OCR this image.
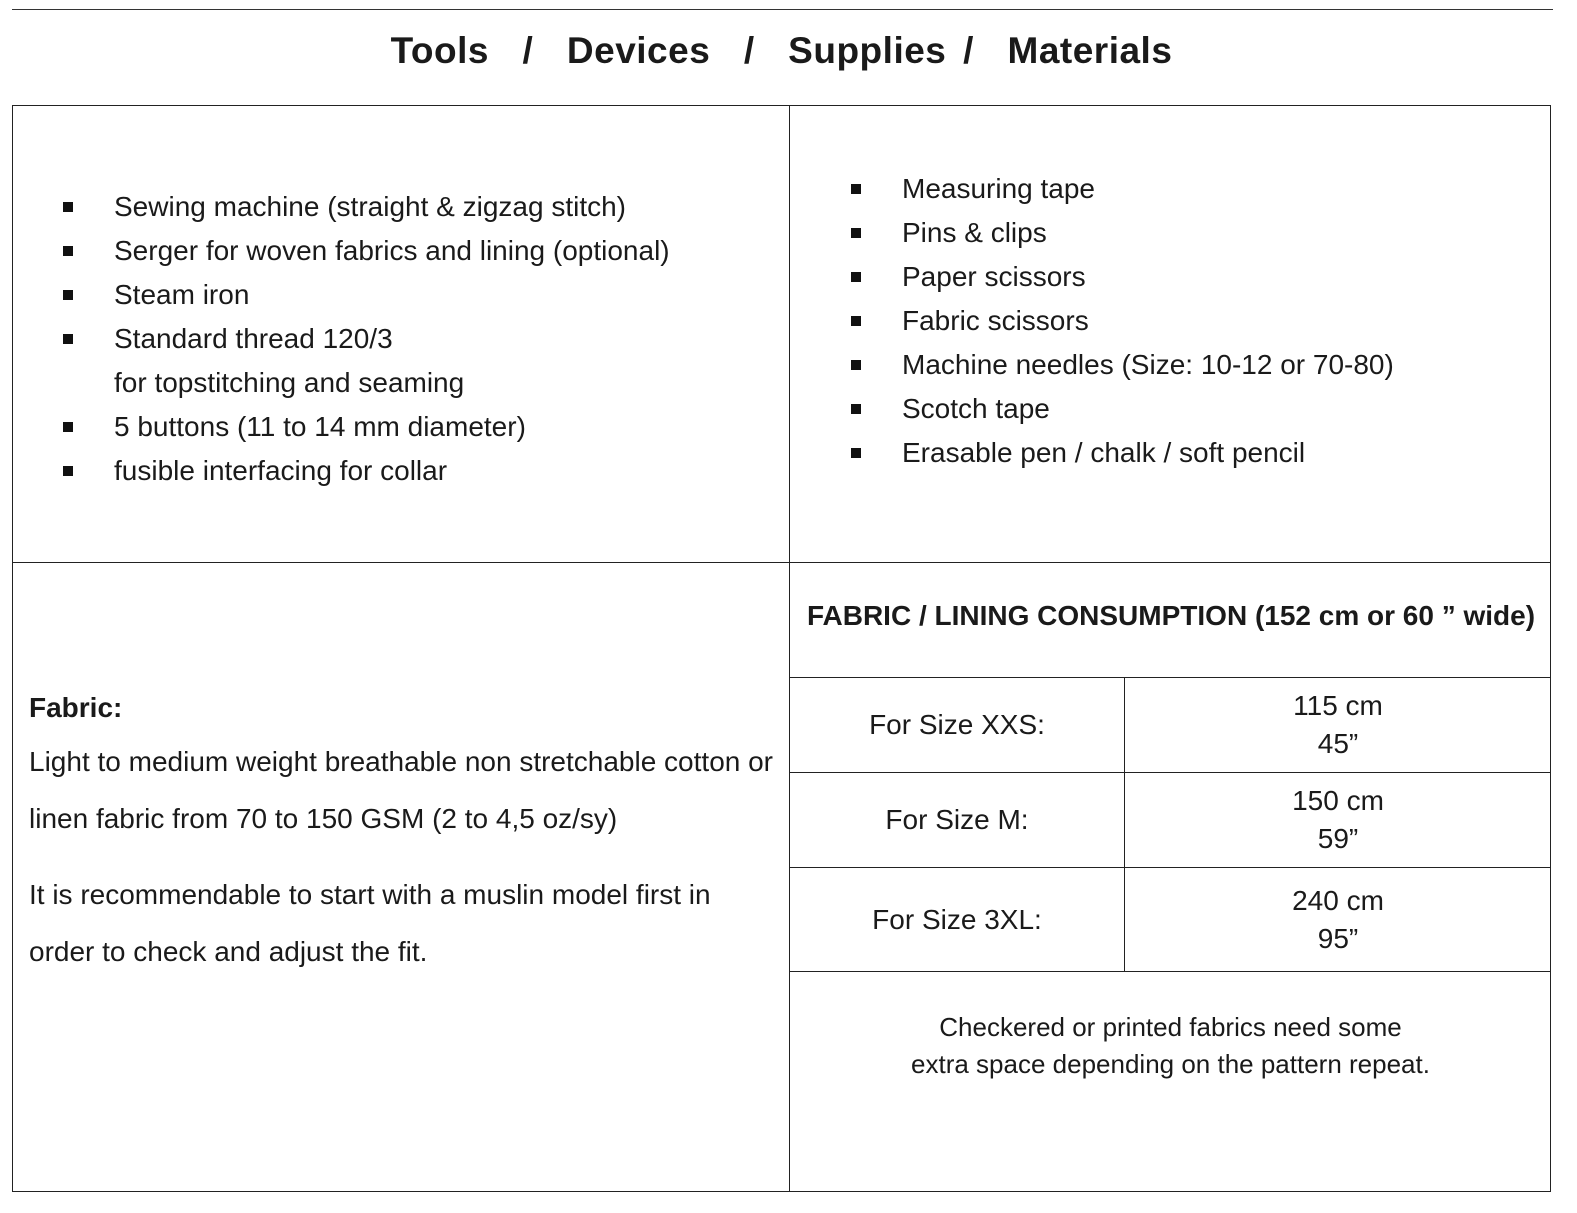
Tools  /  Devices  /  Supplies /  Materials
Sewing machine (straight & zigzag stitch)
Serger for woven fabrics and lining (optional)
Steam iron
Standard thread 120/3
for topstitching and seaming
5 buttons (11 to 14 mm diameter)
fusible interfacing for collar
Measuring tape
Pins & clips
Paper scissors
Fabric scissors
Machine needles (Size: 10-12 or 70-80)
Scotch tape
Erasable pen / chalk / soft pencil

Fabric:

Light to medium weight breathable non stretchable cotton or linen fabric from 70 to 150 GSM (2 to 4,5 oz/sy)

It is recommendable to start with a muslin model first in order to check and adjust the fit.

FABRIC / LINING CONSUMPTION (152 cm or 60 ” wide)
For Size XXS:	115 cm
45”

For Size M:	150 cm
59”

For Size 3XL:	240 cm
95”
Checkered or printed fabrics need some
extra space depending on the pattern repeat.
